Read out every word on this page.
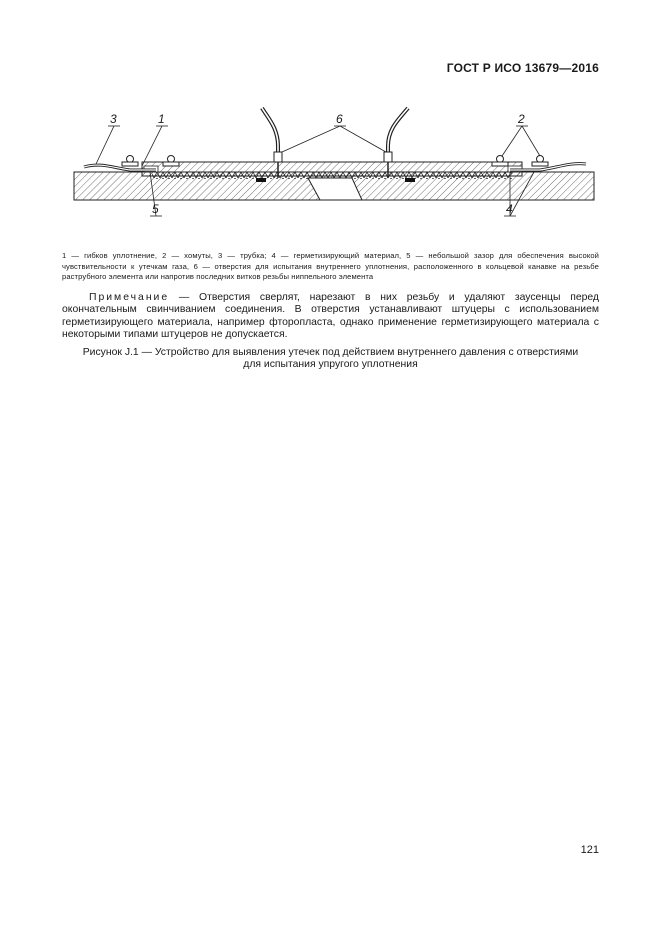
ГОСТ Р ИСО 13679—2016
3	1	6	2
5	4
1 — гибков уплотнение, 2 — хомуты, 3 — трубка; 4 — герметизирующий материал, 5 — небольшой зазор для обеспечения высокой чувствительности к утечкам газа, 6 — отверстия для испытания внутреннего уплотнения, расположенного в кольцевой канавке на резьбе раструбного элемента или напротив последних витков резьбы ниппельного элемента
Примечание — Отверстия сверлят, нарезают в них резьбу и удаляют заусенцы перед окончательным свинчиванием соединения. В отверстия устанавливают штуцеры с использованием герметизирующего материала, например фторопласта, однако применение герметизирующего материала с некоторыми типами штуцеров не допускается.
Рисунок J.1 — Устройство для выявления утечек под действием внутреннего давления с отверстиями
для испытания упругого уплотнения
121
